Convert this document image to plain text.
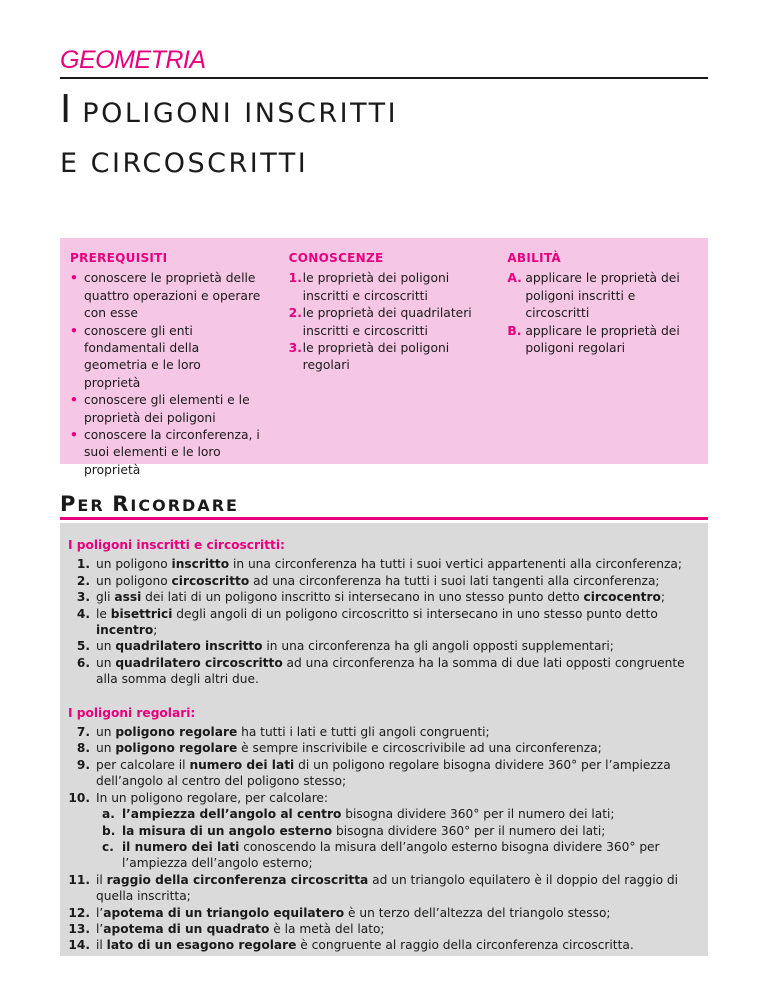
GEOMETRIA
I POLIGONI INSCRITTI
E CIRCOSCRITTI
PREREQUISITI
• conoscere le proprietà delle quattro operazioni e operare con esse
• conoscere gli enti fondamentali della geometria e le loro proprietà
• conoscere gli elementi e le proprietà dei poligoni
• conoscere la circonferenza, i suoi elementi e le loro proprietà
CONOSCENZE
1. le proprietà dei poligoni inscritti e circoscritti
2. le proprietà dei quadrilateri inscritti e circoscritti
3. le proprietà dei poligoni regolari
ABILITÀ
A. applicare le proprietà dei poligoni inscritti e circoscritti
B. applicare le proprietà dei poligoni regolari
PER RICORDARE
I poligoni inscritti e circoscritti:
1. un poligono inscritto in una circonferenza ha tutti i suoi vertici appartenenti alla circonferenza;
2. un poligono circoscritto ad una circonferenza ha tutti i suoi lati tangenti alla circonferenza;
3. gli assi dei lati di un poligono inscritto si intersecano in uno stesso punto detto circocentro;
4. le bisettrici degli angoli di un poligono circoscritto si intersecano in uno stesso punto detto incentro;
5. un quadrilatero inscritto in una circonferenza ha gli angoli opposti supplementari;
6. un quadrilatero circoscritto ad una circonferenza ha la somma di due lati opposti congruente alla somma degli altri due.
I poligoni regolari:
7. un poligono regolare ha tutti i lati e tutti gli angoli congruenti;
8. un poligono regolare è sempre inscrivibile e circoscrivibile ad una circonferenza;
9. per calcolare il numero dei lati di un poligono regolare bisogna dividere 360° per l’ampiezza dell’angolo al centro del poligono stesso;
10. In un poligono regolare, per calcolare:
a. l’ampiezza dell’angolo al centro bisogna dividere 360° per il numero dei lati;
b. la misura di un angolo esterno bisogna dividere 360° per il numero dei lati;
c. il numero dei lati conoscendo la misura dell’angolo esterno bisogna dividere 360° per l’ampiezza dell’angolo esterno;
11. il raggio della circonferenza circoscritta ad un triangolo equilatero è il doppio del raggio di quella inscritta;
12. l’apotema di un triangolo equilatero è un terzo dell’altezza del triangolo stesso;
13. l’apotema di un quadrato è la metà del lato;
14. il lato di un esagono regolare è congruente al raggio della circonferenza circoscritta.
